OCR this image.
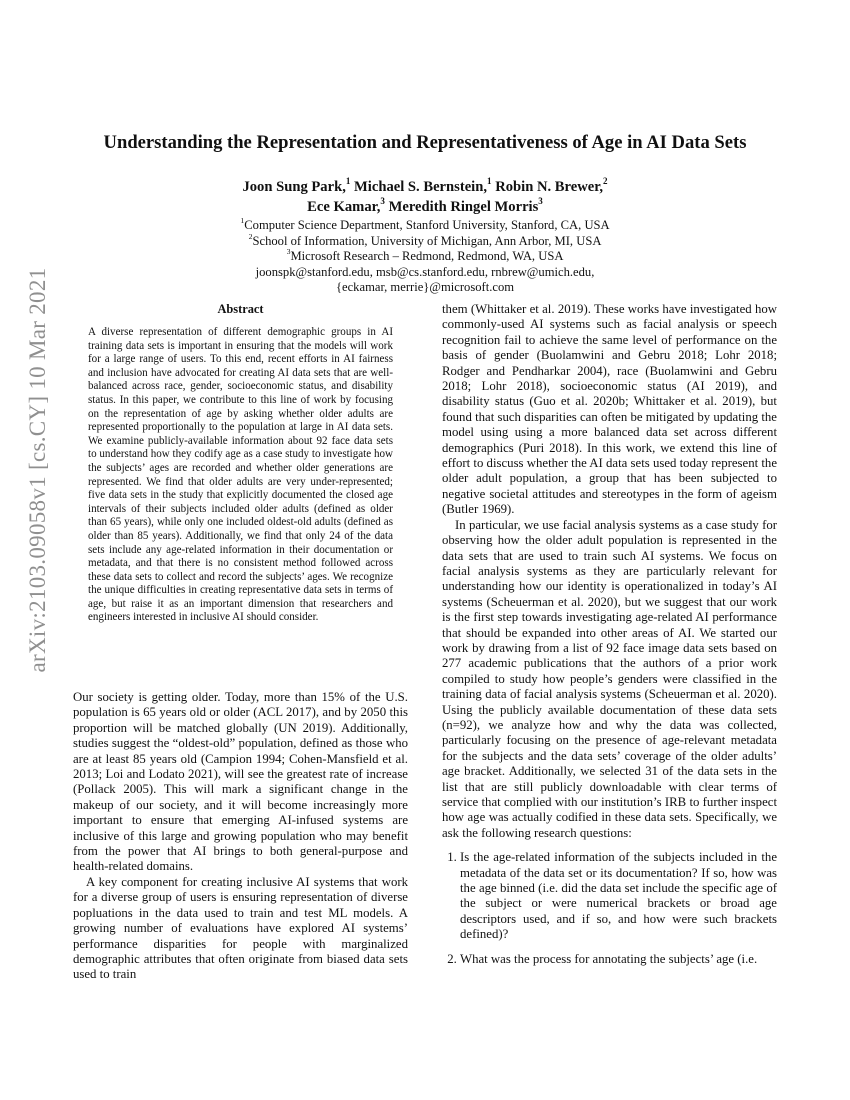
arXiv:2103.09058v1 [cs.CY] 10 Mar 2021
Understanding the Representation and Representativeness of Age in AI Data Sets
Joon Sung Park,$^1$ Michael S. Bernstein,$^1$ Robin N. Brewer,$^2$
Ece Kamar,$^3$ Meredith Ringel Morris$^3$
$^1$Computer Science Department, Stanford University, Stanford, CA, USA
$^2$School of Information, University of Michigan, Ann Arbor, MI, USA
$^3$Microsoft Research – Redmond, Redmond, WA, USA
joonspk@stanford.edu, msb@cs.stanford.edu, rnbrew@umich.edu,
{eckamar, merrie}@microsoft.com
Abstract
A diverse representation of different demographic groups in AI training data sets is important in ensuring that the models will work for a large range of users. To this end, recent efforts in AI fairness and inclusion have advocated for creating AI data sets that are well-balanced across race, gender, socioeconomic status, and disability status. In this paper, we contribute to this line of work by focusing on the representation of age by asking whether older adults are represented proportionally to the population at large in AI data sets. We examine publicly-available information about 92 face data sets to understand how they codify age as a case study to investigate how the subjects’ ages are recorded and whether older generations are represented. We find that older adults are very under-represented; five data sets in the study that explicitly documented the closed age intervals of their subjects included older adults (defined as older than 65 years), while only one included oldest-old adults (defined as older than 85 years). Additionally, we find that only 24 of the data sets include any age-related information in their documentation or metadata, and that there is no consistent method followed across these data sets to collect and record the subjects’ ages. We recognize the unique difficulties in creating representative data sets in terms of age, but raise it as an important dimension that researchers and engineers interested in inclusive AI should consider.

Our society is getting older. Today, more than 15% of the U.S. population is 65 years old or older (ACL 2017), and by 2050 this proportion will be matched globally (UN 2019). Additionally, studies suggest the “oldest-old” population, defined as those who are at least 85 years old (Campion 1994; Cohen-Mansfield et al. 2013; Loi and Lodato 2021), will see the greatest rate of increase (Pollack 2005). This will mark a significant change in the makeup of our society, and it will become increasingly more important to ensure that emerging AI-infused systems are inclusive of this large and growing population who may benefit from the power that AI brings to both general-purpose and health-related domains.

A key component for creating inclusive AI systems that work for a diverse group of users is ensuring representation of diverse popluations in the data used to train and test ML models. A growing number of evaluations have explored AI systems’ performance disparities for people with marginalized demographic attributes that often originate from biased data sets used to train

them (Whittaker et al. 2019). These works have investigated how commonly-used AI systems such as facial analysis or speech recognition fail to achieve the same level of performance on the basis of gender (Buolamwini and Gebru 2018; Lohr 2018; Rodger and Pendharkar 2004), race (Buolamwini and Gebru 2018; Lohr 2018), socioeconomic status (AI 2019), and disability status (Guo et al. 2020b; Whittaker et al. 2019), but found that such disparities can often be mitigated by updating the model using using a more balanced data set across different demographics (Puri 2018). In this work, we extend this line of effort to discuss whether the AI data sets used today represent the older adult population, a group that has been subjected to negative societal attitudes and stereotypes in the form of ageism (Butler 1969).

In particular, we use facial analysis systems as a case study for observing how the older adult population is represented in the data sets that are used to train such AI systems. We focus on facial analysis systems as they are particularly relevant for understanding how our identity is operationalized in today’s AI systems (Scheuerman et al. 2020), but we suggest that our work is the first step towards investigating age-related AI performance that should be expanded into other areas of AI. We started our work by drawing from a list of 92 face image data sets based on 277 academic publications that the authors of a prior work compiled to study how people’s genders were classified in the training data of facial analysis systems (Scheuerman et al. 2020). Using the publicly available documentation of these data sets (n=92), we analyze how and why the data was collected, particularly focusing on the presence of age-relevant metadata for the subjects and the data sets’ coverage of the older adults’ age bracket. Additionally, we selected 31 of the data sets in the list that are still publicly downloadable with clear terms of service that complied with our institution’s IRB to further inspect how age was actually codified in these data sets. Specifically, we ask the following research questions:

1. Is the age-related information of the subjects included in the metadata of the data set or its documentation? If so, how was the age binned (i.e. did the data set include the specific age of the subject or were numerical brackets or broad age descriptors used, and if so, and how were such brackets defined)?
2. What was the process for annotating the subjects’ age (i.e.
